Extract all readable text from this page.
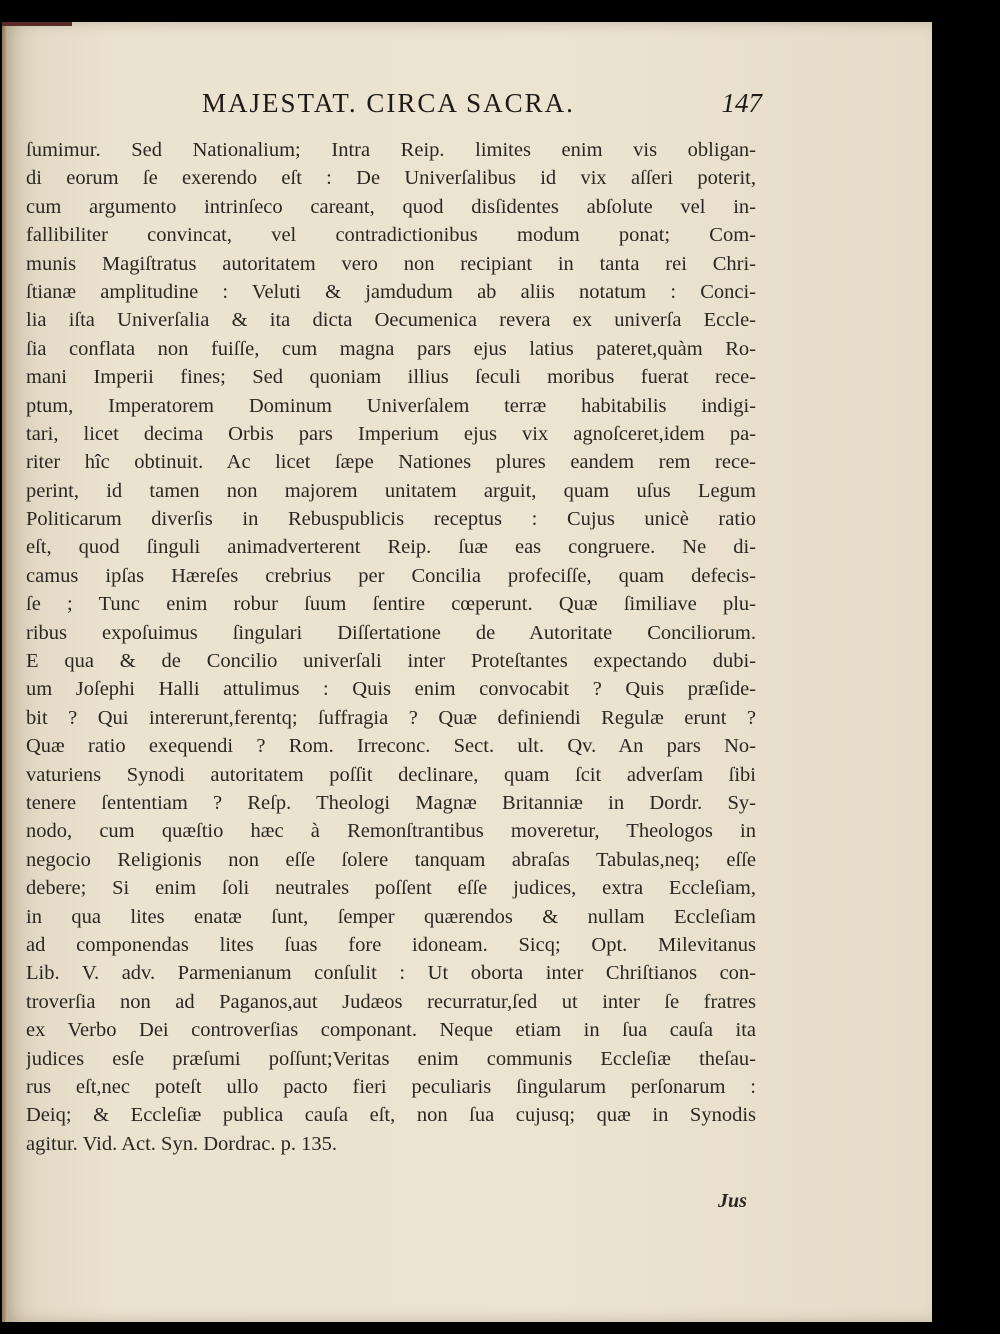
MAJESTAT. CIRCA SACRA.	147
ſumimur. Sed Nationalium; Intra Reip. limites enim vis obligan-
di eorum ſe exerendo eſt : De Univerſalibus id vix aſſeri poterit,
cum argumento intrinſeco careant, quod disſidentes abſolute vel in-
fallibiliter convincat, vel contradictionibus modum ponat; Com-
munis Magiſtratus autoritatem vero non recipiant in tanta rei Chri-
ſtianæ amplitudine : Veluti & jamdudum ab aliis notatum : Conci-
lia iſta Univerſalia & ita dicta Oecumenica revera ex univerſa Eccle-
ſia conflata non fuiſſe, cum magna pars ejus latius pateret,quàm Ro-
mani Imperii fines; Sed quoniam illius ſeculi moribus fuerat rece-
ptum, Imperatorem Dominum Univerſalem terræ habitabilis indigi-
tari, licet decima Orbis pars Imperium ejus vix agnoſceret,idem pa-
riter hîc obtinuit. Ac licet ſæpe Nationes plures eandem rem rece-
perint, id tamen non majorem unitatem arguit, quam uſus Legum
Politicarum diverſis in Rebuspublicis receptus : Cujus unicè ratio
eſt, quod ſinguli animadverterent Reip. ſuæ eas congruere. Ne di-
camus ipſas Hæreſes crebrius per Concilia profeciſſe, quam defecis-
ſe ; Tunc enim robur ſuum ſentire cœperunt. Quæ ſimiliave plu-
ribus expoſuimus ſingulari Diſſertatione de Autoritate Conciliorum.
E qua & de Concilio univerſali inter Proteſtantes expectando dubi-
um Joſephi Halli attulimus : Quis enim convocabit ? Quis præſide-
bit ? Qui intererunt,ferentq; ſuffragia ? Quæ definiendi Regulæ erunt ?
Quæ ratio exequendi ? Rom. Irreconc. Sect. ult. Qv. An pars No-
vaturiens Synodi autoritatem poſſit declinare, quam ſcit adverſam ſibi
tenere ſententiam ? Reſp. Theologi Magnæ Britanniæ in Dordr. Sy-
nodo, cum quæſtio hæc à Remonſtrantibus moveretur, Theologos in
negocio Religionis non eſſe ſolere tanquam abraſas Tabulas,neq; eſſe
debere; Si enim ſoli neutrales poſſent eſſe judices, extra Eccleſiam,
in qua lites enatæ ſunt, ſemper quærendos & nullam Eccleſiam
ad componendas lites ſuas fore idoneam. Sicq; Opt. Milevitanus
Lib. V. adv. Parmenianum conſulit : Ut oborta inter Chriſtianos con-
troverſia non ad Paganos,aut Judæos recurratur,ſed ut inter ſe fratres
ex Verbo Dei controverſias componant. Neque etiam in ſua cauſa ita
judices esſe præſumi poſſunt;Veritas enim communis Eccleſiæ theſau-
rus eſt,nec poteſt ullo pacto fieri peculiaris ſingularum perſonarum :
Deiq; & Eccleſiæ publica cauſa eſt, non ſua cujusq; quæ in Synodis
agitur. Vid. Act. Syn. Dordrac. p. 135.
Jus
